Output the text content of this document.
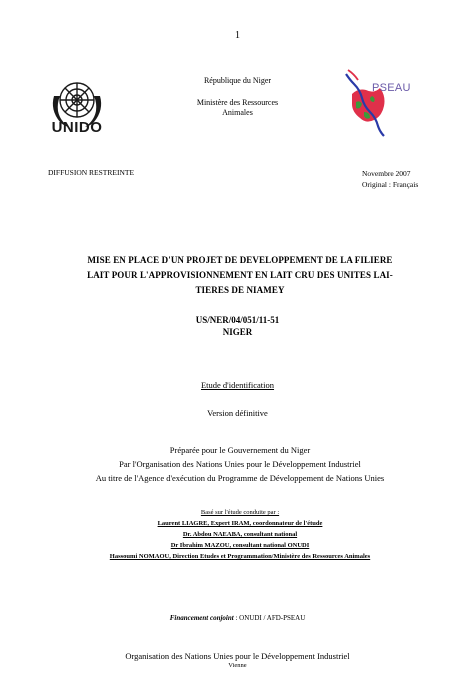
1
UNIDO
République du Niger
Ministère des Ressources
Animales
PSEAU
DIFFUSION RESTREINTE	Novembre 2007
Original : Français
MISE EN PLACE D'UN PROJET DE DEVELOPPEMENT DE LA FILIERE
LAIT POUR L'APPROVISIONNEMENT EN LAIT CRU DES UNITES LAI-
TIERES DE NIAMEY
US/NER/04/051/11-51
NIGER
Etude d'identification
Version définitive
Préparée pour le Gouvernement du Niger
Par l'Organisation des Nations Unies pour le Développement Industriel
Au titre de l'Agence d'exécution du Programme de Développement de Nations Unies
Basé sur l'étude conduite par :
Laurent LIAGRE, Expert IRAM, coordonnateur de l'étude
Dr. Abdou NAEABA, consultant national
Dr Ibrahim MAZOU, consultant national ONUDI
Hassoumi NOMAOU, Direction Etudes et Programmation/Ministère des Ressources Animales
Financement conjoint : ONUDI / AFD-PSEAU
Organisation des Nations Unies pour le Développement Industriel
Vienne
